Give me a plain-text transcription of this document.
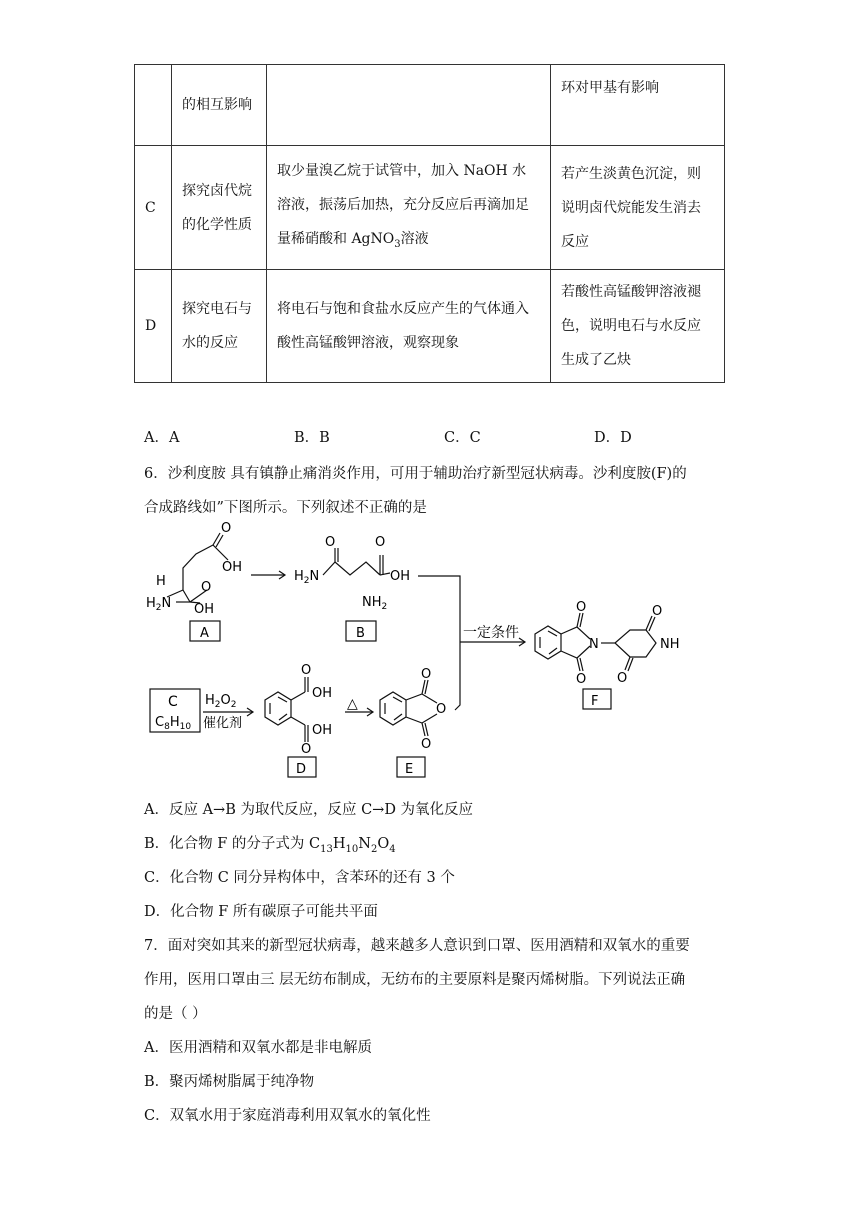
	的相互影响		环对甲基有影响
C	探究卤代烷的化学性质	取少量溴乙烷于试管中，加入 NaOH 水溶液，振荡后加热，充分反应后再滴加足量稀硝酸和 AgNO$_3$溶液	若产生淡黄色沉淀，则说明卤代烷能发生消去反应
D	探究电石与水的反应	将电石与饱和食盐水反应产生的气体通入酸性高锰酸钾溶液，观察现象	若酸性高锰酸钾溶液褪色，说明电石与水反应生成了乙炔
A．A	B．B	C．C	D．D
6．沙利度胺 具有镇静止痛消炎作用，可用于辅助治疗新型冠状病毒。沙利度胺(F)的
合成路线如”下图所示。下列叙述不正确的是
O
OH
H	O
$H_2N$ OH
A
O	O
$H_2N$	OH
$NH_2$
B	一定条件
C
$C_8H_{10}$
$H_2O_2$
催化剂
O
OH
OH
O
D
△
O
O
O
E
O
N
O
O
NH
O
F
A．反应 A→B 为取代反应，反应 C→D 为氧化反应
B．化合物 F 的分子式为 $C_{13}H_{10}N_2O_4$
C．化合物 C 同分异构体中，含苯环的还有 3 个
D．化合物 F 所有碳原子可能共平面
7．面对突如其来的新型冠状病毒，越来越多人意识到口罩、医用酒精和双氧水的重要
作用，医用口罩由三 层无纺布制成，无纺布的主要原料是聚丙烯树脂。下列说法正确
的是（ ）
A．医用酒精和双氧水都是非电解质
B．聚丙烯树脂属于纯净物
C．双氧水用于家庭消毒利用双氧水的氧化性
